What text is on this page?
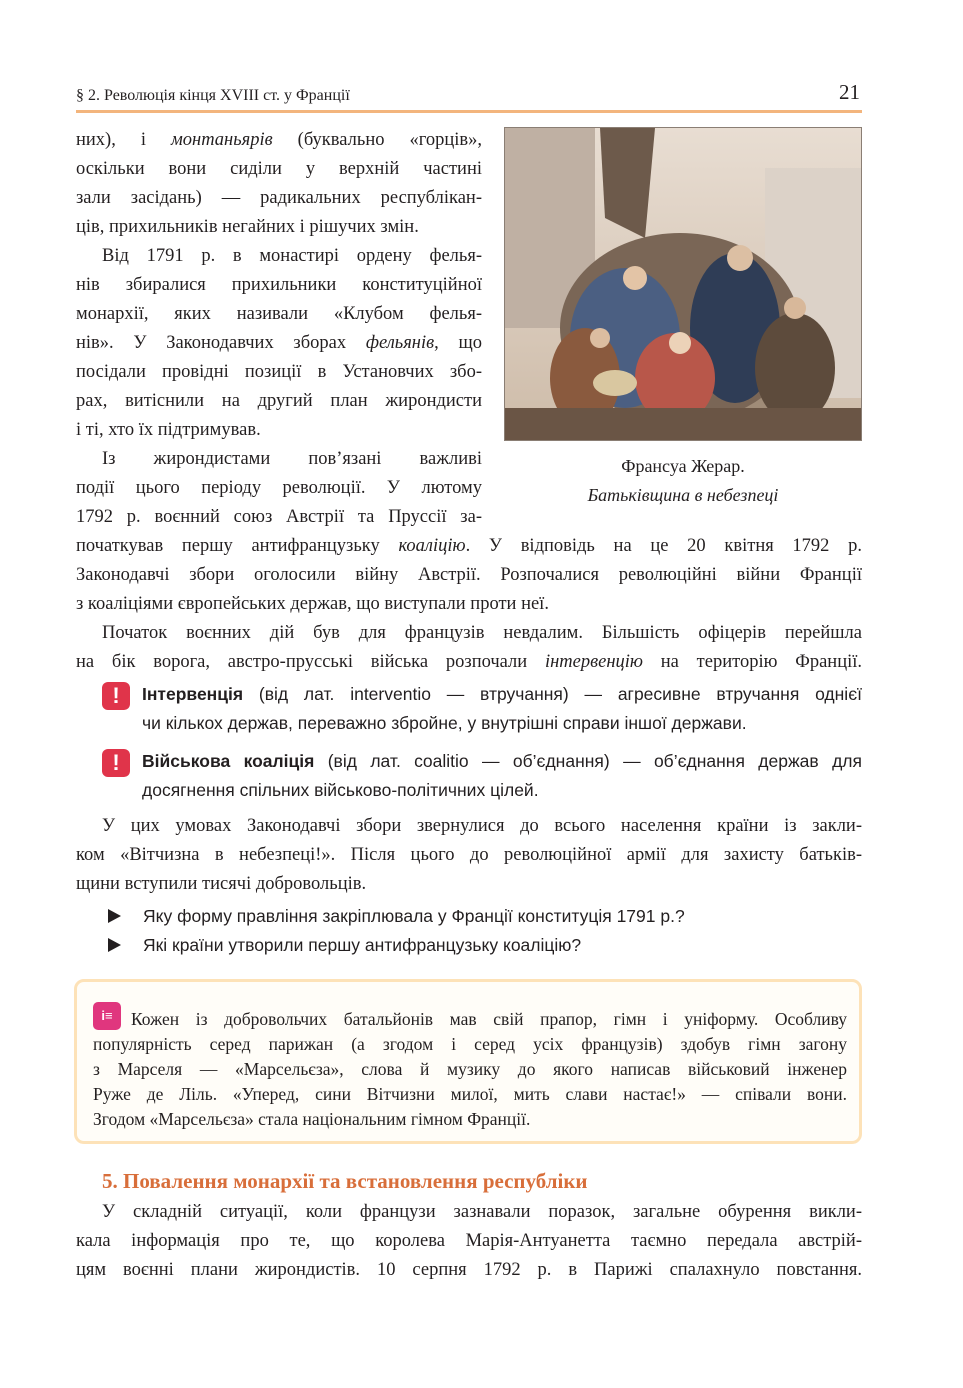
§ 2. Революція кінця XVIII ст. у Франції	21
Франсуа Жерар.
Батьківщина в небезпеці
них), і монтаньярів (буквально «горців»,
оскільки вони сиділи у верхній частині
зали засідань) — радикальних республікан-
ців, прихильників негайних і рішучих змін.
Від 1791 р. в монастирі ордену фелья-
нів збиралися прихильники конституційної
монархії, яких називали «Клубом фелья-
нів». У Законодавчих зборах фельянів, що
посідали провідні позиції в Установчих збо-
рах, витіснили на другий план жирондисти
і ті, хто їх підтримував.
Із жирондистами пов’язані важливі
події цього періоду революції. У лютому
1792 р. воєнний союз Австрії та Пруссії за-
початкував першу антифранцузьку коаліцію. У відповідь на це 20 квітня 1792 р.
Законодавчі збори оголосили війну Австрії. Розпочалися революційні війни Франції
з коаліціями європейських держав, що виступали проти неї.
Початок воєнних дій був для французів невдалим. Більшість офіцерів перейшла
на бік ворога, австро-прусські війська розпочали інтервенцію на територію Франції.
!	Інтервенція (від лат. interventio — втручання) — агресивне втручання однієї
чи кількох держав, переважно збройне, у внутрішні справи іншої держави.
!	Військова коаліція (від лат. coalitio — об’єднання) — об’єднання держав для
досягнення спільних військово-політичних цілей.
У цих умовах Законодавчі збори звернулися до всього населення країни із закли-
ком «Вітчизна в небезпеці!». Після цього до революційної армії для захисту батьків-
щини вступили тисячі добровольців.
Яку форму правління закріплювала у Франції конституція 1791 р.?
Які країни утворили першу антифранцузьку коаліцію?
i≡	Кожен із добровольчих батальйонів мав свій прапор, гімн і уніформу. Особливу
популярність серед парижан (а згодом і серед усіх французів) здобув гімн загону
з Марселя — «Марсельєза», слова й музику до якого написав військовий інженер
Руже де Ліль. «Уперед, сини Вітчизни милої, мить слави настає!» — співали вони.
Згодом «Марсельєза» стала національним гімном Франції.
5. Повалення монархії та встановлення республіки
У складній ситуації, коли французи зазнавали поразок, загальне обурення викли-
кала інформація про те, що королева Марія-Антуанетта таємно передала австрій-
цям воєнні плани жирондистів. 10 серпня 1792 р. в Парижі спалахнуло повстання.
